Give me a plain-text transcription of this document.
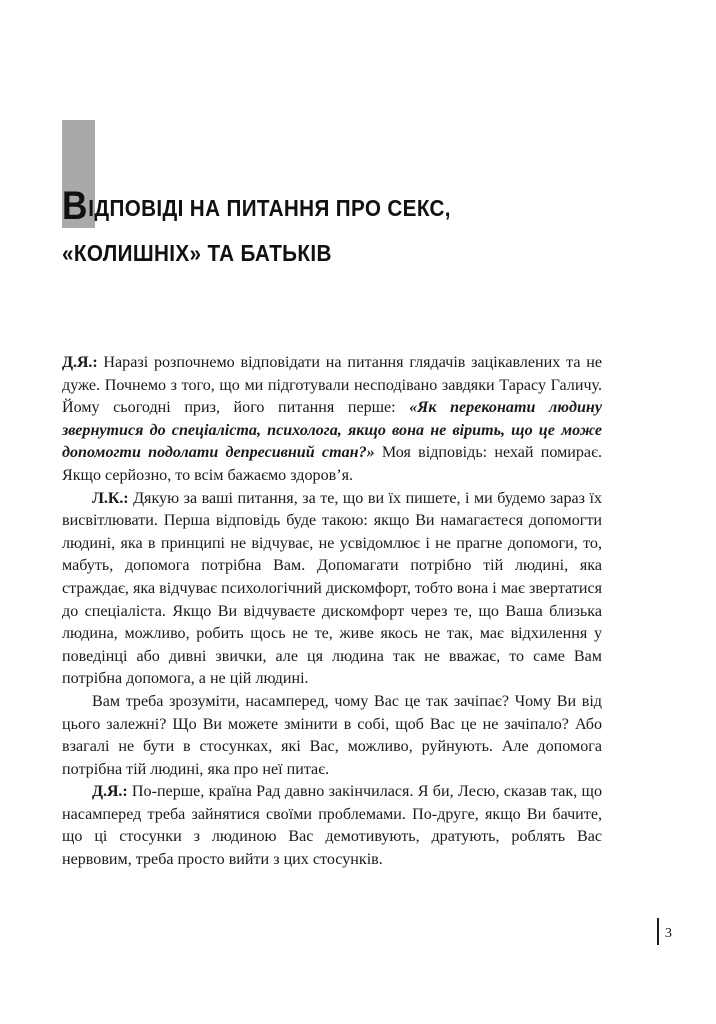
ВІДПОВІДІ НА ПИТАННЯ ПРО СЕКС,
«КОЛИШНІХ» ТА БАТЬКІВ

Д.Я.: Наразі розпочнемо відповідати на питання глядачів зацікавлених та не дуже. Почнемо з того, що ми підготували несподівано завдяки Тарасу Галичу. Йому сьогодні приз, його питання перше: «Як переконати людину звернутися до спеціаліста, психолога, якщо вона не вірить, що це може допомогти подолати депресивний стан?» Моя відповідь: нехай помирає. Якщо серйозно, то всім бажаємо здоров’я.

Л.К.: Дякую за ваші питання, за те, що ви їх пишете, і ми будемо зараз їх висвітлювати. Перша відповідь буде такою: якщо Ви намагаєтеся допомогти людині, яка в принципі не відчуває, не усвідомлює і не прагне допомоги, то, мабуть, допомога потрібна Вам. Допомагати потрібно тій людині, яка страждає, яка відчуває психологічний дискомфорт, тобто вона і має звертатися до спеціаліста. Якщо Ви відчуваєте дискомфорт через те, що Ваша близька людина, можливо, робить щось не те, живе якось не так, має відхилення у поведінці або дивні звички, але ця людина так не вважає, то саме Вам потрібна допомога, а не цій людині.

Вам треба зрозуміти, насамперед, чому Вас це так зачіпає? Чому Ви від цього залежні? Що Ви можете змінити в собі, щоб Вас це не зачіпало? Або взагалі не бути в стосунках, які Вас, можливо, руйнують. Але допомога потрібна тій людині, яка про неї питає.

Д.Я.: По-перше, країна Рад давно закінчилася. Я би, Лесю, сказав так, що насамперед треба зайнятися своїми проблемами. По-друге, якщо Ви бачите, що ці стосунки з людиною Вас демотивують, дратують, роблять Вас нервовим, треба просто вийти з цих стосунків.

3
